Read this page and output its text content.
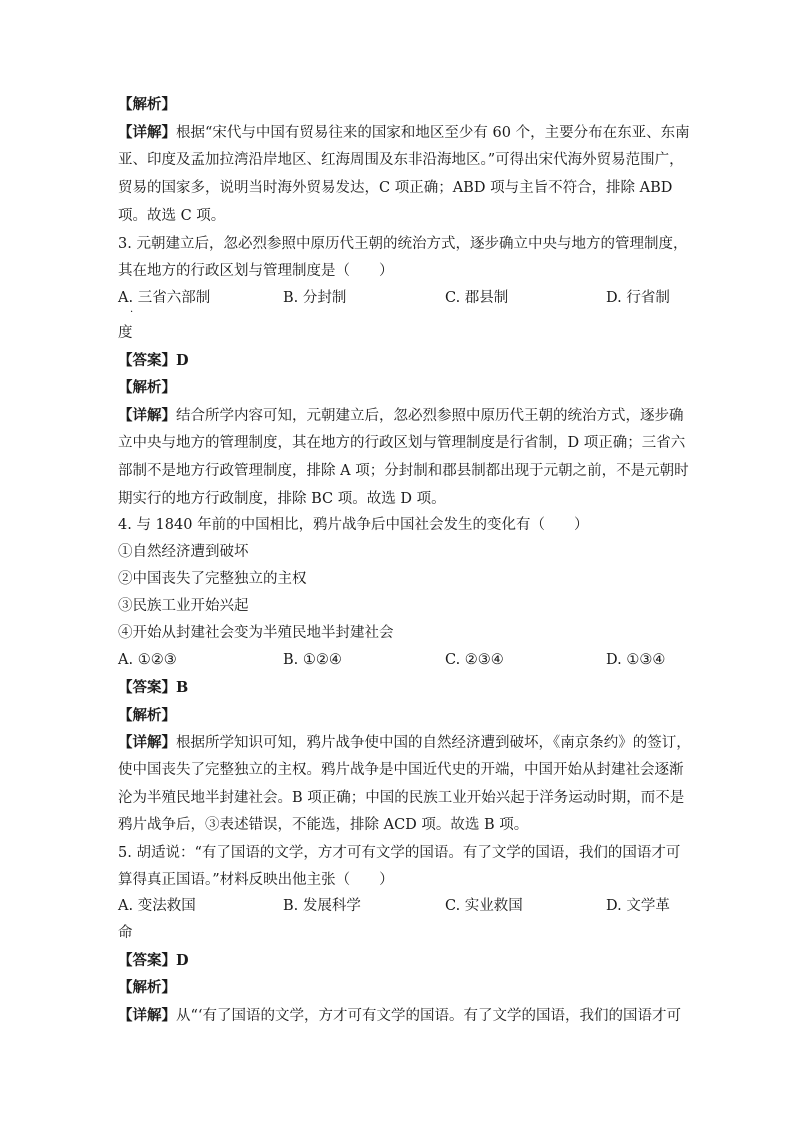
【解析】
【详解】根据“宋代与中国有贸易往来的国家和地区至少有 60 个，主要分布在东亚、东南
亚、印度及孟加拉湾沿岸地区、红海周围及东非沿海地区。”可得出宋代海外贸易范围广，
贸易的国家多，说明当时海外贸易发达，C 项正确；ABD 项与主旨不符合，排除 ABD
项。故选 C 项。
3. 元朝建立后，忽必烈参照中原历代王朝的统治方式，逐步确立中央与地方的管理制度，
其在地方的行政区划与管理制度是（　　）
A. 三省六部制	B. 分封制	C. 郡县制	D. 行省制
·
度
【答案】D
【解析】
【详解】结合所学内容可知，元朝建立后，忽必烈参照中原历代王朝的统治方式，逐步确
立中央与地方的管理制度，其在地方的行政区划与管理制度是行省制，D 项正确；三省六
部制不是地方行政管理制度，排除 A 项；分封制和郡县制都出现于元朝之前，不是元朝时
期实行的地方行政制度，排除 BC 项。故选 D 项。
4. 与 1840 年前的中国相比，鸦片战争后中国社会发生的变化有（　　）
①自然经济遭到破坏
②中国丧失了完整独立的主权
③民族工业开始兴起
④开始从封建社会变为半殖民地半封建社会
A. ①②③	B. ①②④	C. ②③④	D. ①③④
【答案】B
【解析】
【详解】根据所学知识可知，鸦片战争使中国的自然经济遭到破坏，《南京条约》的签订，
使中国丧失了完整独立的主权。鸦片战争是中国近代史的开端，中国开始从封建社会逐渐
沦为半殖民地半封建社会。B 项正确；中国的民族工业开始兴起于洋务运动时期，而不是
鸦片战争后，③表述错误，不能选，排除 ACD 项。故选 B 项。
5. 胡适说：“有了国语的文学，方才可有文学的国语。有了文学的国语，我们的国语才可
算得真正国语。”材料反映出他主张（　　）
A. 变法救国	B. 发展科学	C. 实业救国	D. 文学革
命
【答案】D
【解析】
【详解】从“‘有了国语的文学，方才可有文学的国语。有了文学的国语，我们的国语才可
